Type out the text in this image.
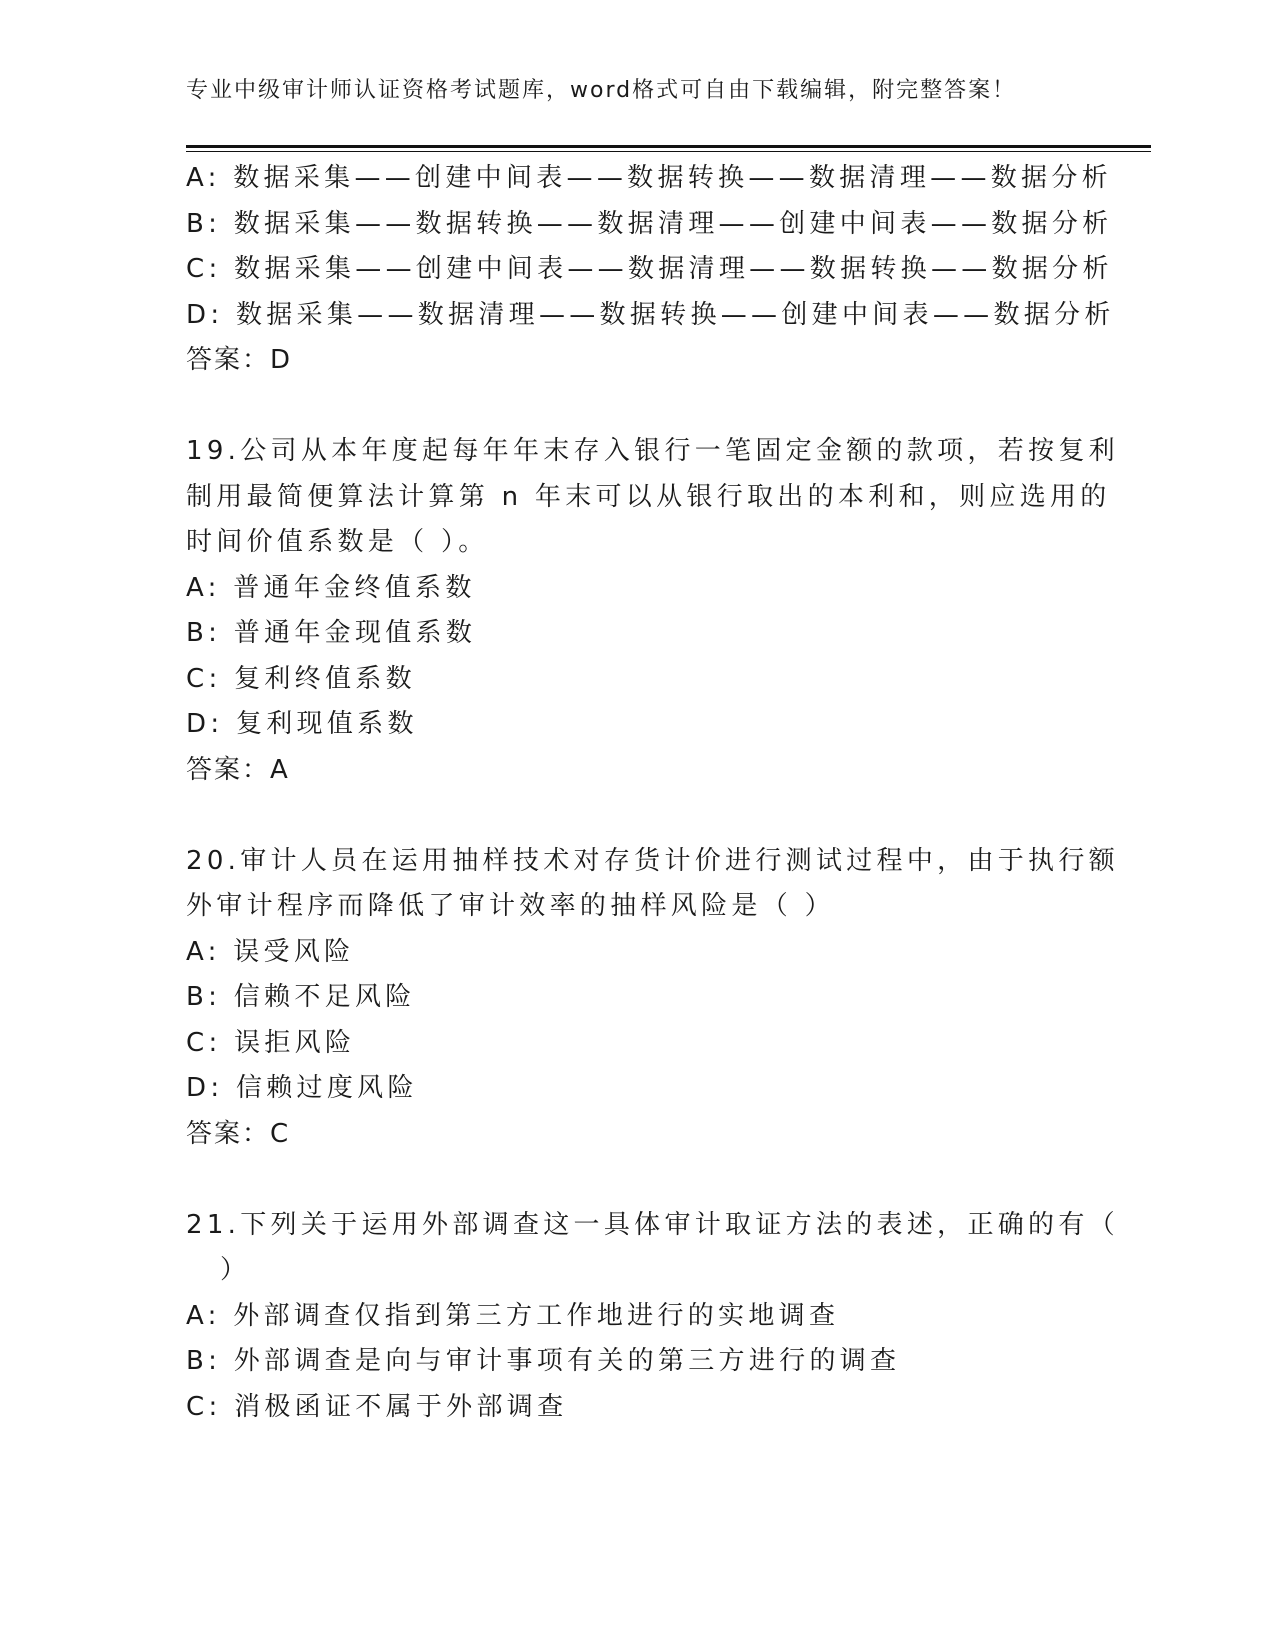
专业中级审计师认证资格考试题库，word格式可自由下载编辑，附完整答案！
A: 数据采集——创建中间表——数据转换——数据清理——数据分析
B: 数据采集——数据转换——数据清理——创建中间表——数据分析
C: 数据采集——创建中间表——数据清理——数据转换——数据分析
D: 数据采集——数据清理——数据转换——创建中间表——数据分析
答案：D
19.公司从本年度起每年年末存入银行一笔固定金额的款项，若按复利
制用最简便算法计算第 n 年末可以从银行取出的本利和，则应选用的
时间价值系数是（ ）。
A: 普通年金终值系数
B: 普通年金现值系数
C: 复利终值系数
D: 复利现值系数
答案：A
20.审计人员在运用抽样技术对存货计价进行测试过程中，由于执行额
外审计程序而降低了审计效率的抽样风险是（ ）
A: 误受风险
B: 信赖不足风险
C: 误拒风险
D: 信赖过度风险
答案：C
21.下列关于运用外部调查这一具体审计取证方法的表述，正确的有（
）
A: 外部调查仅指到第三方工作地进行的实地调查
B: 外部调查是向与审计事项有关的第三方进行的调查
C: 消极函证不属于外部调查
